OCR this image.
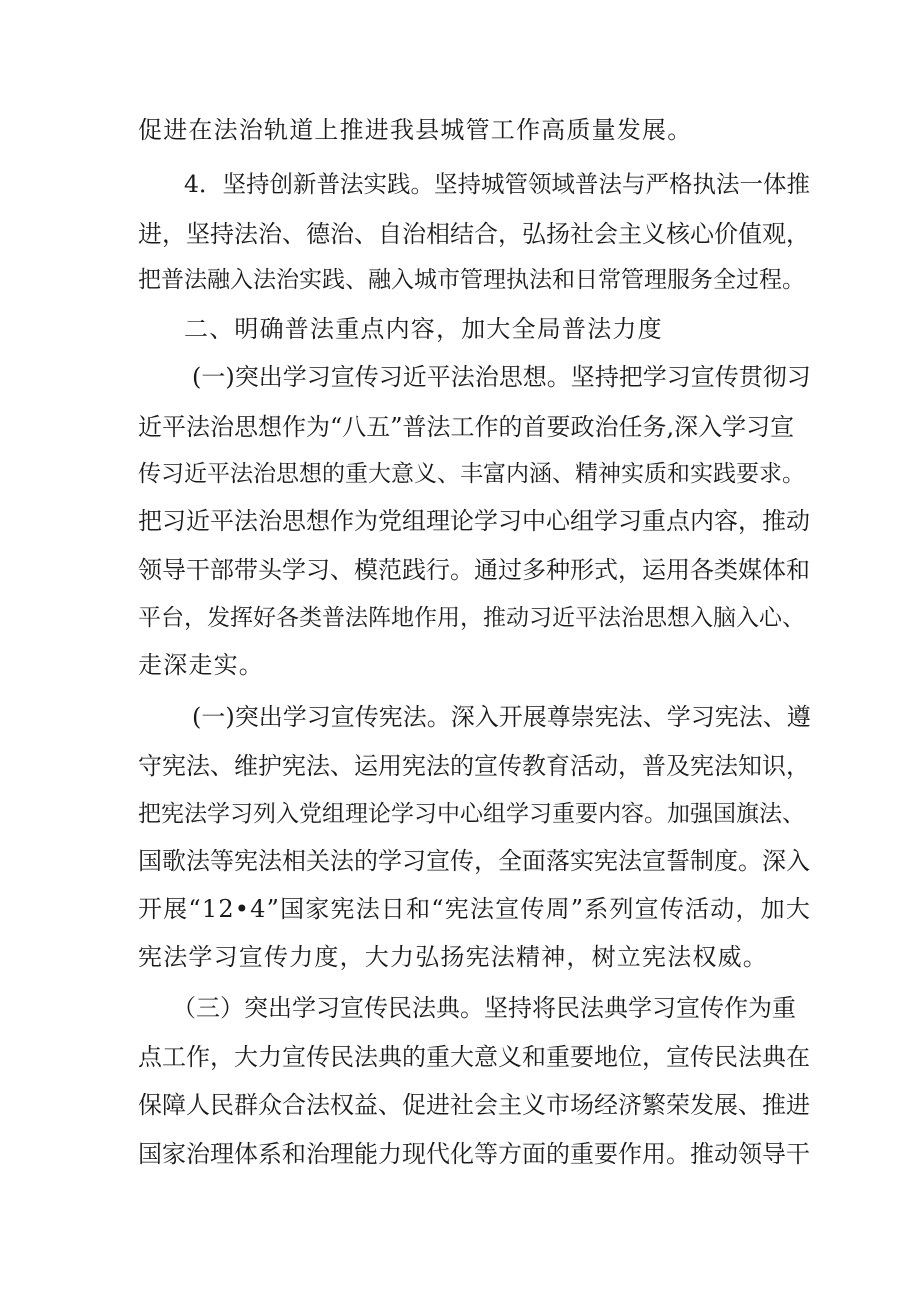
促进在法治轨道上推进我县城管工作高质量发展。
4．坚持创新普法实践。坚持城管领域普法与严格执法一体推
进，坚持法治、德治、自治相结合，弘扬社会主义核心价值观，
把普法融入法治实践、融入城市管理执法和日常管理服务全过程。
二、明确普法重点内容，加大全局普法力度
(一)突出学习宣传习近平法治思想。坚持把学习宣传贯彻习
近平法治思想作为“八五”普法工作的首要政治任务,深入学习宣
传习近平法治思想的重大意义、丰富内涵、精神实质和实践要求。
把习近平法治思想作为党组理论学习中心组学习重点内容，推动
领导干部带头学习、模范践行。通过多种形式，运用各类媒体和
平台，发挥好各类普法阵地作用，推动习近平法治思想入脑入心、
走深走实。
(一)突出学习宣传宪法。深入开展尊崇宪法、学习宪法、遵
守宪法、维护宪法、运用宪法的宣传教育活动，普及宪法知识，
把宪法学习列入党组理论学习中心组学习重要内容。加强国旗法、
国歌法等宪法相关法的学习宣传，全面落实宪法宣誓制度。深入
开展“12•4”国家宪法日和“宪法宣传周”系列宣传活动，加大
宪法学习宣传力度，大力弘扬宪法精神，树立宪法权威。
（三）突出学习宣传民法典。坚持将民法典学习宣传作为重
点工作，大力宣传民法典的重大意义和重要地位，宣传民法典在
保障人民群众合法权益、促进社会主义市场经济繁荣发展、推进
国家治理体系和治理能力现代化等方面的重要作用。推动领导干
